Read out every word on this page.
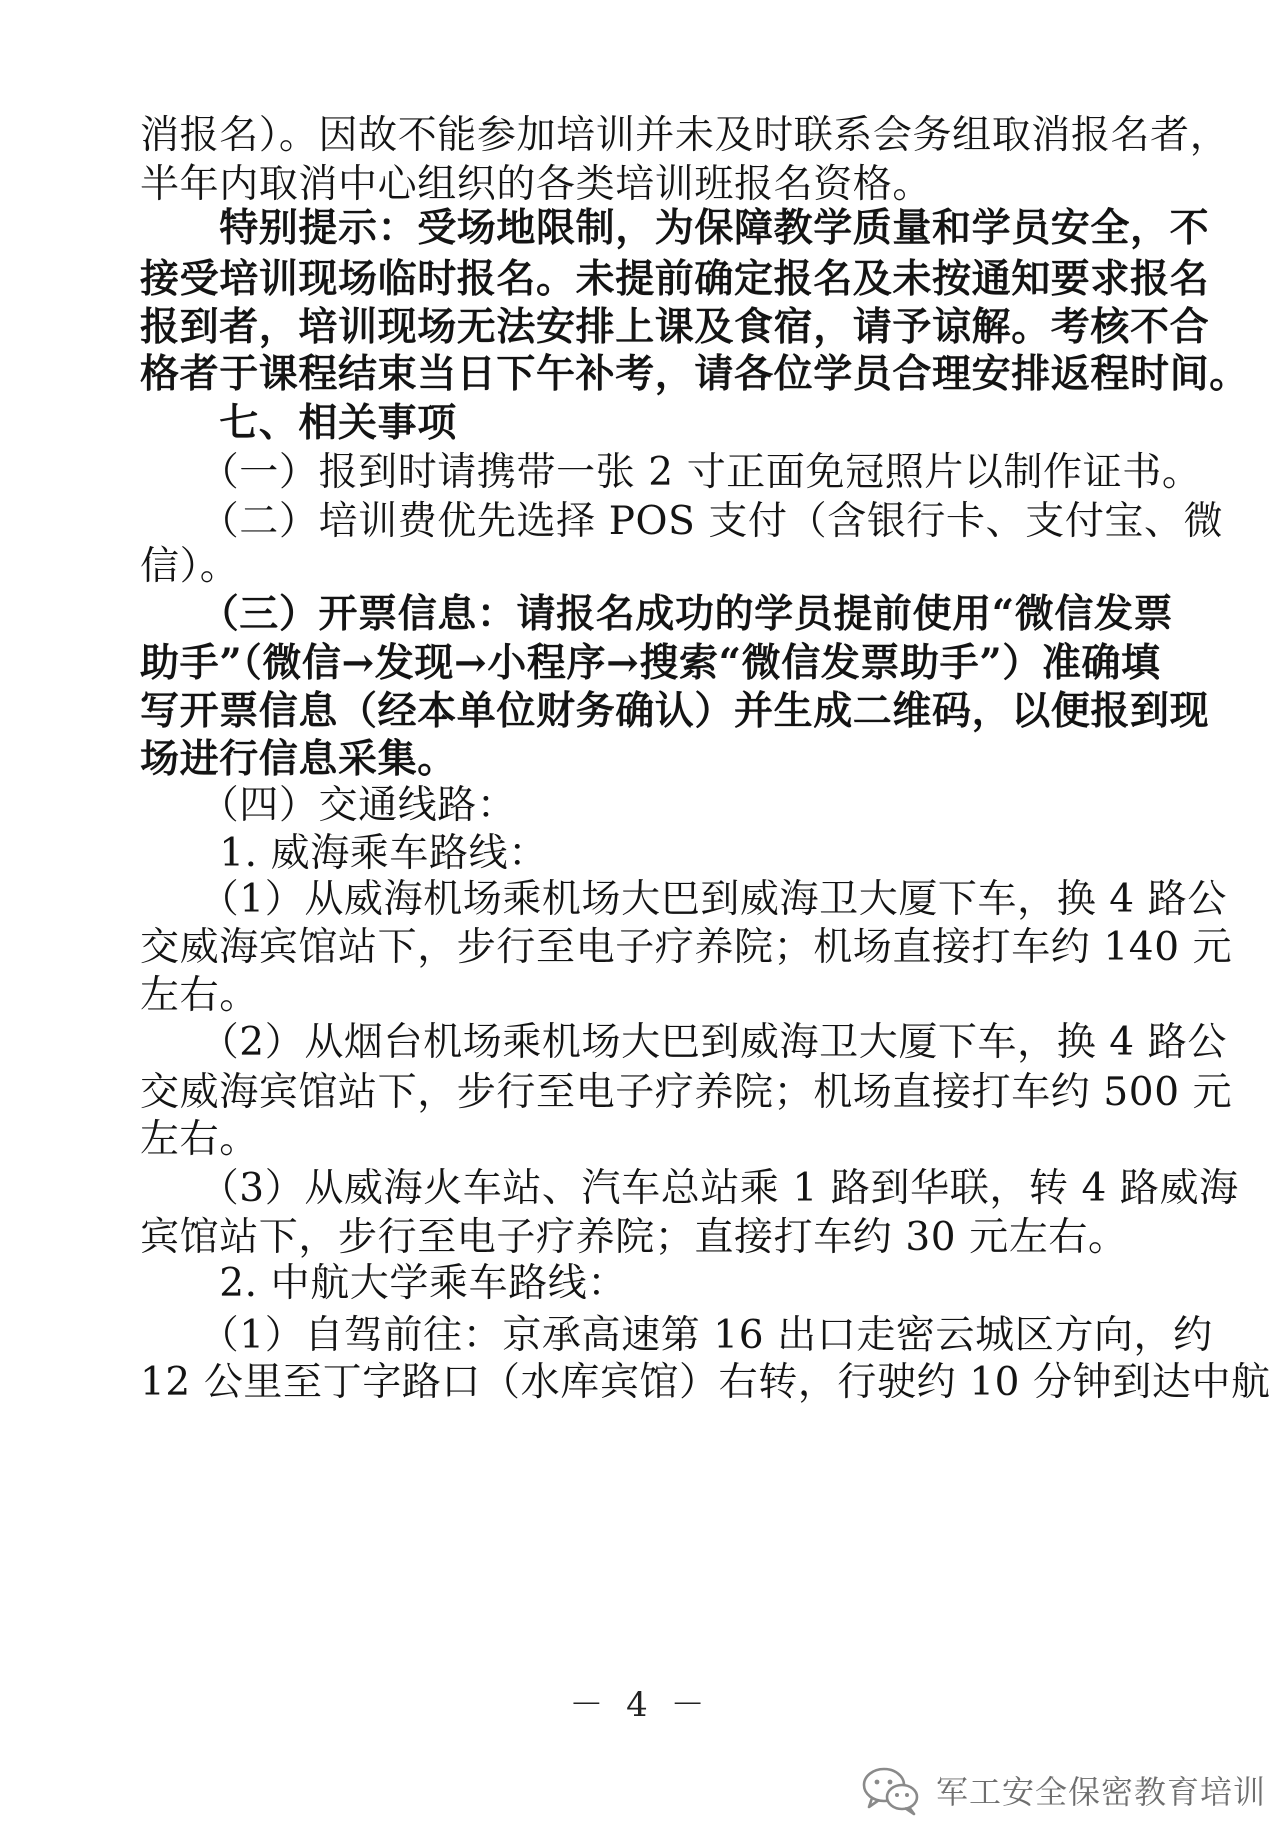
消报名）。因故不能参加培训并未及时联系会务组取消报名者，
半年内取消中心组织的各类培训班报名资格。
　　特别提示：受场地限制，为保障教学质量和学员安全，不
接受培训现场临时报名。未提前确定报名及未按通知要求报名
报到者，培训现场无法安排上课及食宿，请予谅解。考核不合
格者于课程结束当日下午补考，请各位学员合理安排返程时间。
　　七、相关事项
　　（一）报到时请携带一张 2 寸正面免冠照片以制作证书。
　　（二）培训费优先选择 POS 支付（含银行卡、支付宝、微
信）。
　　（三）开票信息：请报名成功的学员提前使用“微信发票
助手”（微信→发现→小程序→搜索“微信发票助手”）准确填
写开票信息（经本单位财务确认）并生成二维码，以便报到现
场进行信息采集。
　　（四）交通线路：
　　1. 威海乘车路线：
　　（1）从威海机场乘机场大巴到威海卫大厦下车，换 4 路公
交威海宾馆站下，步行至电子疗养院；机场直接打车约 140 元
左右。
　　（2）从烟台机场乘机场大巴到威海卫大厦下车，换 4 路公
交威海宾馆站下，步行至电子疗养院；机场直接打车约 500 元
左右。
　　（3）从威海火车站、汽车总站乘 1 路到华联，转 4 路威海
宾馆站下，步行至电子疗养院；直接打车约 30 元左右。
　　2. 中航大学乘车路线：
　　（1）自驾前往：京承高速第 16 出口走密云城区方向，约
12 公里至丁字路口（水库宾馆）右转，行驶约 10 分钟到达中航
－ 4 －
军工安全保密教育培训
